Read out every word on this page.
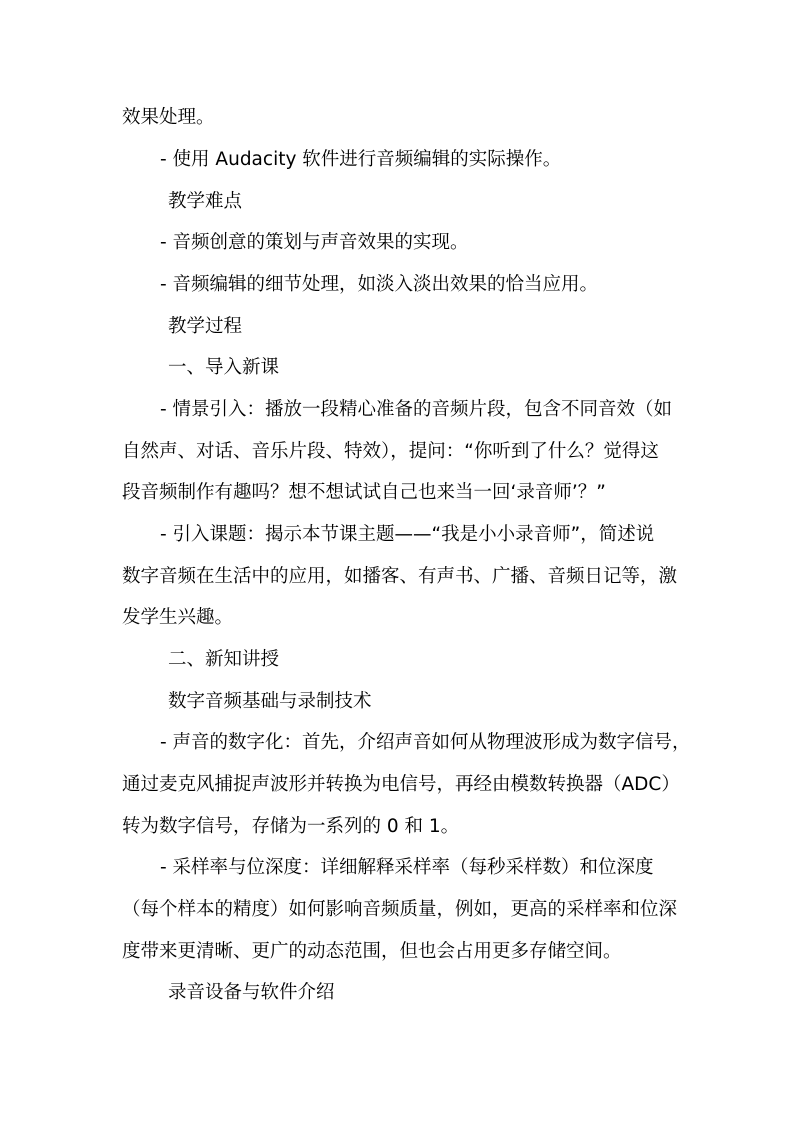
效果处理。
- 使用 Audacity 软件进行音频编辑的实际操作。
教学难点
- 音频创意的策划与声音效果的实现。
- 音频编辑的细节处理，如淡入淡出效果的恰当应用。
教学过程
一、导入新课
- 情景引入：播放一段精心准备的音频片段，包含不同音效（如
自然声、对话、音乐片段、特效），提问：“你听到了什么？觉得这
段音频制作有趣吗？想不想试试自己也来当一回‘录音师’？”
- 引入课题：揭示本节课主题——“我是小小录音师”，简述说
数字音频在生活中的应用，如播客、有声书、广播、音频日记等，激
发学生兴趣。
二、新知讲授
数字音频基础与录制技术
- 声音的数字化：首先，介绍声音如何从物理波形成为数字信号，
通过麦克风捕捉声波形并转换为电信号，再经由模数转换器（ADC）
转为数字信号，存储为一系列的 0 和 1。
- 采样率与位深度：详细解释采样率（每秒采样数）和位深度
（每个样本的精度）如何影响音频质量，例如，更高的采样率和位深
度带来更清晰、更广的动态范围，但也会占用更多存储空间。
录音设备与软件介绍
